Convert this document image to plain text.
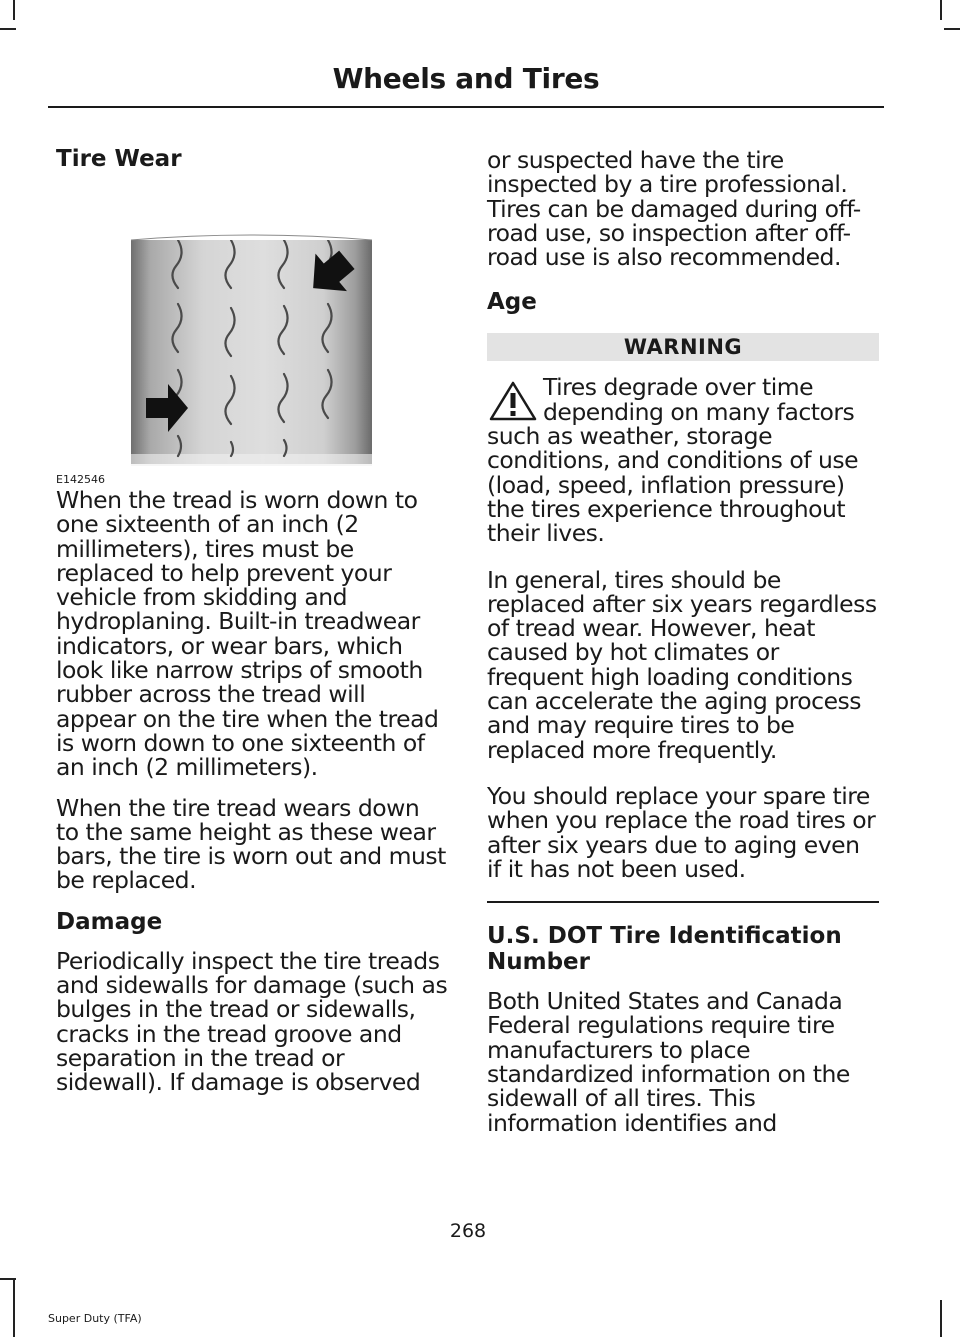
Wheels and Tires
Tire Wear
E142546

When the tread is worn down to one sixteenth of an inch (2 millimeters), tires must be replaced to help prevent your vehicle from skidding and hydroplaning. Built-in treadwear indicators, or wear bars, which look like narrow strips of smooth rubber across the tread will appear on the tire when the tread is worn down to one sixteenth of an inch (2 millimeters).

When the tire tread wears down to the same height as these wear bars, the tire is worn out and must be replaced.

Damage

Periodically inspect the tire treads and sidewalls for damage (such as bulges in the tread or sidewalls, cracks in the tread groove and separation in the tread or sidewall). If damage is observed

or suspected have the tire inspected by a tire professional. Tires can be damaged during off-road use, so inspection after off-road use is also recommended.

Age
WARNING

Tires degrade over time depending on many factors such as weather, storage conditions, and conditions of use (load, speed, inflation pressure) the tires experience throughout their lives.

In general, tires should be replaced after six years regardless of tread wear. However, heat caused by hot climates or frequent high loading conditions can accelerate the aging process and may require tires to be replaced more frequently.

You should replace your spare tire when you replace the road tires or after six years due to aging even if it has not been used.

U.S. DOT Tire Identification Number

Both United States and Canada Federal regulations require tire manufacturers to place standardized information on the sidewall of all tires. This information identifies and

268
Super Duty (TFA)
